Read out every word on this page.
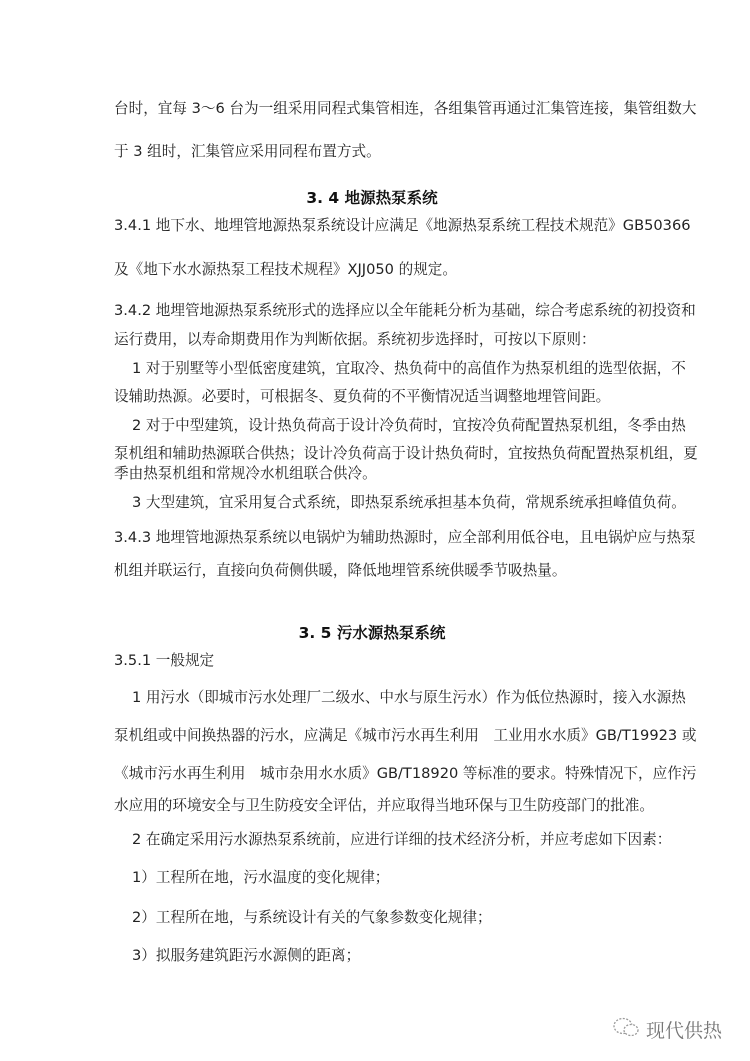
台时，宜每 3～6 台为一组采用同程式集管相连，各组集管再通过汇集管连接，集管组数大
于 3 组时，汇集管应采用同程布置方式。
3. 4 地源热泵系统
3.4.1 地下水、地埋管地源热泵系统设计应满足《地源热泵系统工程技术规范》GB50366
及《地下水水源热泵工程技术规程》XJJ050 的规定。
3.4.2 地埋管地源热泵系统形式的选择应以全年能耗分析为基础，综合考虑系统的初投资和
运行费用，以寿命期费用作为判断依据。系统初步选择时，可按以下原则：
1 对于别墅等小型低密度建筑，宜取冷、热负荷中的高值作为热泵机组的选型依据，不
设辅助热源。必要时，可根据冬、夏负荷的不平衡情况适当调整地埋管间距。
2 对于中型建筑，设计热负荷高于设计冷负荷时，宜按冷负荷配置热泵机组，冬季由热
泵机组和辅助热源联合供热；设计冷负荷高于设计热负荷时，宜按热负荷配置热泵机组，夏
季由热泵机组和常规冷水机组联合供冷。
3 大型建筑，宜采用复合式系统，即热泵系统承担基本负荷，常规系统承担峰值负荷。
3.4.3 地埋管地源热泵系统以电锅炉为辅助热源时，应全部利用低谷电，且电锅炉应与热泵
机组并联运行，直接向负荷侧供暖，降低地埋管系统供暖季节吸热量。
3. 5 污水源热泵系统
3.5.1 一般规定
1 用污水（即城市污水处理厂二级水、中水与原生污水）作为低位热源时，接入水源热
泵机组或中间换热器的污水，应满足《城市污水再生利用　工业用水水质》GB/T19923 或
《城市污水再生利用　城市杂用水水质》GB/T18920 等标准的要求。特殊情况下，应作污
水应用的环境安全与卫生防疫安全评估，并应取得当地环保与卫生防疫部门的批准。
2 在确定采用污水源热泵系统前，应进行详细的技术经济分析，并应考虑如下因素：
1）工程所在地，污水温度的变化规律；
2）工程所在地，与系统设计有关的气象参数变化规律；
3）拟服务建筑距污水源侧的距离；
现代供热
